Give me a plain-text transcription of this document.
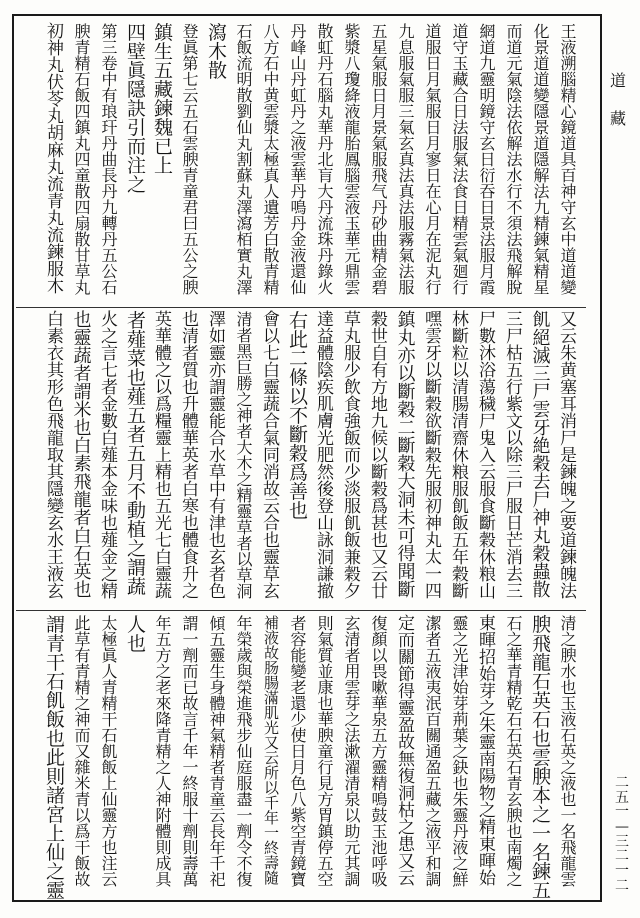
道
藏
王
液
溯
腦
精
心
鏡
道
具
百
神
守
玄
中
道
道
變
化
景
道
道
變
隱
景
道
隱
解
法
九
精
鍊
氣
精
星
而
道
元
氣
陰
法
依
解
法
水
行
不
須
法
飛
解
脫
網
道
九
靈
明
鏡
守
玄
日
衍
吞
日
景
法
服
月
霞
道
守
玉
藏
合
日
法
服
氣
法
食
日
精
雲
氣
廻
行
道
服
日
月
氣
服
日
月
寥
日
在
心
月
在
泥
丸
行
九
息
服
氣
服
三
氣
玄
真
法
真
法
服
霧
氣
法
服
五
星
氣
服
日
月
景
氣
服
飛
气
丹
砂
曲
精
金
碧
紫
漿
八
瓊
絳
液
龍
胎
鳳
腦
雲
液
玉
華
元
鼎
雲
散
虹
丹
石
腦
丸
華
丹
北
肓
大
丹
流
珠
丹
錄
火
丹
峰
山
丹
虹
丹
之
液
雲
華
丹
鳴
丹
金
液
還
仙
八
方
石
中
黄
雲
漿
太
極
真
人
遺
芳
白
散
青
精
石
飯
流
明
散
劉
仙
丸
割
蘇
丸
澤
瀉
栢
實
丸
澤
瀉
木
散
登
眞
第
七
云
五
石
雲
腴
青
童
君
曰
五
公
之
腴
鎮
生
五
藏
鍊
魏
已
上
四
壁
眞
隱
訣
引
而
注
之
第
三
卷
中
有
琅
玕
丹
曲
長
丹
九
轉
丹
五
公
石
腴
青
精
石
飯
四
鎮
丸
四
童
散
四
扇
散
甘
草
丸
初
神
丸
伏
苓
丸
胡
麻
丸
流
青
丸
流
鍊
服
木
又
云
朱
黄
塞
耳
消
尸
是
鍊
魄
之
要
道
鍊
魄
法
飢
絕
滅
三
尸
雲
牙
絶
穀
去
尸
神
丸
穀
蟲
散
三
尸
枯
五
行
紫
文
以
除
三
尸
服
日
芒
消
去
三
尸
數
沐
浴
蕩
穢
尸
鬼
入
云
服
食
斷
穀
休
粮
山
林
斷
粒
以
清
腸
清
齋
休
粮
服
飢
飯
五
年
穀
斷
嘿
雲
牙
以
斷
穀
欲
斷
穀
先
服
初
神
丸
太
一
四
鎮
丸
亦
以
斷
穀
二
斷
穀
大
洞
未
可
得
聞
斷
穀
世
自
有
方
地
九
候
以
斷
穀
爲
甚
也
又
云
廿
草
丸
服
少
飲
食
強
飯
而
少
淡
服
飢
飯
兼
穀
夕
達
益
體
陰
疾
肌
膚
光
肥
然
後
登
山
詠
洞
謙
撤
右
此
二
條
以
不
斷
穀
爲
善
也
會
以
七
白
靈
蔬
合
氣
同
消
故
云
合
也
靈
草
玄
清
者
黑
巨
勝
之
神
者
大
木
之
精
靈
草
者
以
草
洞
澤
如
靈
亦
謂
靈
能
合
水
草
中
有
津
也
玄
者
色
也
清
者
質
也
升
體
華
英
者
白
寒
也
體
食
升
之
英
華
體
之
以
爲
糧
靈
上
精
也
五
光
七
白
靈
蔬
者
薤
菜
也
薤
五
者
五
月
不
動
植
之
謂
蔬
火
之
言
七
者
金
數
白
薤
本
金
味
也
薤
金
之
精
也
靈
蔬
者
謂
米
也
白
素
飛
龍
者
白
石
英
也
白
素
衣
其
形
色
飛
龍
取
其
隱
變
玄
水
王
液
玄
清
之
腴
水
也
玉
液
石
英
之
液
也
一
名
飛
龍
雲
腴
飛
龍
石
英
石
也
雲
腴
本
之
一
名
鍊
五
石
之
華
青
精
乾
石
石
英
石
青
玄
腴
也
南
燭
之
東
暉
招
始
芽
之
朱
靈
南
陽
物
之
精
東
暉
始
靈
之
光
津
始
芽
荊
葉
之
鈌
也
朱
靈
丹
液
之
鮮
潔
者
五
液
夷
泯
百
關
通
盈
五
藏
之
液
平
和
調
定
而
關
節
得
靈
盈
故
無
復
洞
枯
之
患
又
云
復
顏
以
畏
嗽
華
泉
五
方
靈
精
鳴
鼓
玉
池
呼
吸
玄
清
者
用
雲
芽
之
法
漱
濯
清
泉
以
助
元
其
調
則
氣
質
並
康
也
華
腴
童
行
見
方
胃
鎮
停
五
空
者
容
能
變
老
還
少
使
日
月
色
八
紫
空
青
鏡
寶
補
液
故
肠
腸
滿
肌
光
又
云
所
以
千
年
一
終
壽
隨
年
榮
歲
與
榮
進
飛
步
仙
庭
服
盡
一
劑
令
不
復
傾
五
靈
生
身
體
神
氣
精
者
青
童
云
長
年
千
祀
謂
一
劑
而
已
故
言
千
年
一
終
服
十
劑
則
壽
萬
年
五
方
之
老
來
降
青
精
之
人
神
附
體
則
成
具
人
也
太
極
眞
人
青
精
干
石
飢
飯
上
仙
靈
方
也
注
云
此
草
有
青
精
之
神
而
又
雜
米
青
以
爲
干
飯
故
謂
青
干
石
飢
飯
也
此
則
諸
宮
上
仙
之
靈
二
五
一
—
三
二
一
二
